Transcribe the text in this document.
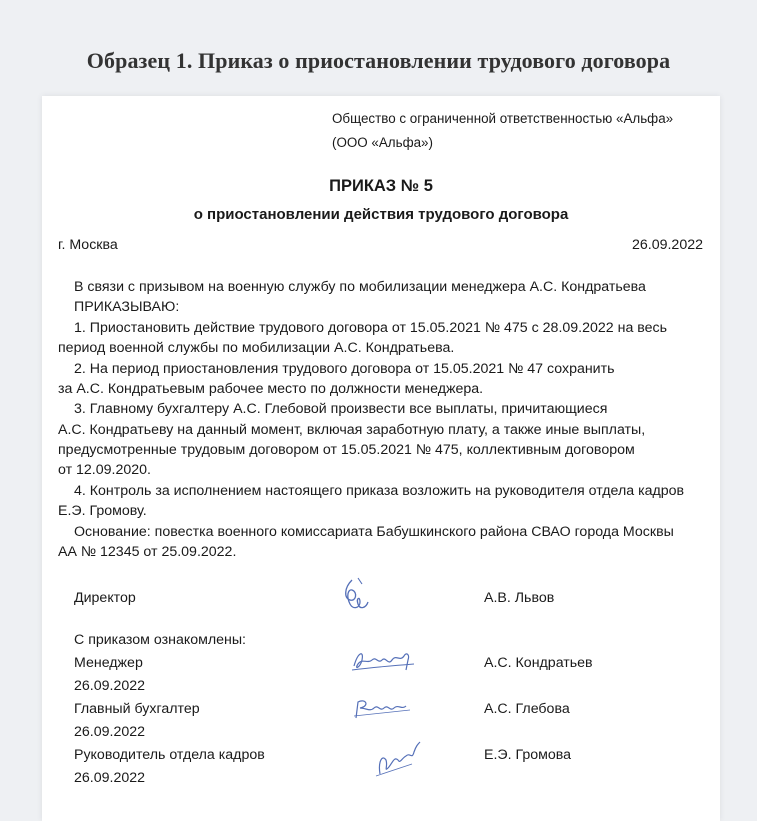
Образец 1. Приказ о приостановлении трудового договора
Общество с ограниченной ответственностью «Альфа»
(ООО «Альфа»)
ПРИКАЗ № 5
о приостановлении действия трудового договора
г. Москва	26.09.2022
В связи с призывом на военную службу по мобилизации менеджера А.С. Кондратьева
ПРИКАЗЫВАЮ:
1. Приостановить действие трудового договора от 15.05.2021 № 475 с 28.09.2022 на весь
период военной службы по мобилизации А.С. Кондратьева.
2. На период приостановления трудового договора от 15.05.2021 № 47 сохранить
за А.С. Кондратьевым рабочее место по должности менеджера.
3. Главному бухгалтеру А.С. Глебовой произвести все выплаты, причитающиеся
А.С. Кондратьеву на данный момент, включая заработную плату, а также иные выплаты,
предусмотренные трудовым договором от 15.05.2021 № 475, коллективным договором
от 12.09.2020.
4. Контроль за исполнением настоящего приказа возложить на руководителя отдела кадров
Е.Э. Громову.
Основание: повестка военного комиссариата Бабушкинского района СВАО города Москвы
АА № 12345 от 25.09.2022.
Директор	А.В. Львов
С приказом ознакомлены:
Менеджер
26.09.2022
А.С. Кондратьев
Главный бухгалтер
26.09.2022
А.С. Глебова
Руководитель отдела кадров
26.09.2022
Е.Э. Громова
